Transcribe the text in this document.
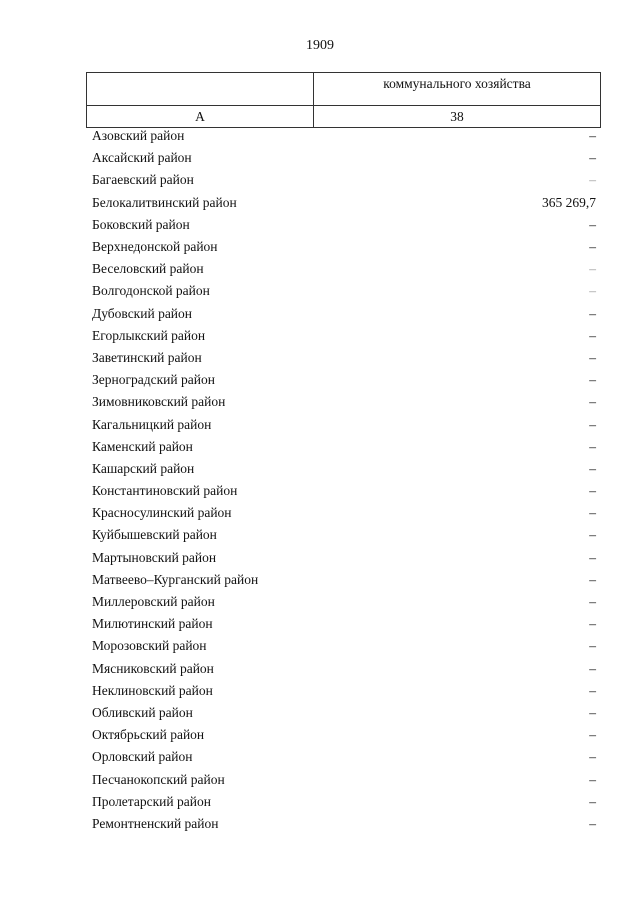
1909
	коммунального хозяйства
А	38
Азовский район	–
Аксайский район	–
Багаевский район	–
Белокалитвинский район	365 269,7
Боковский район	–
Верхнедонской район	–
Веселовский район	–
Волгодонской район	–
Дубовский район	–
Егорлыкский район	–
Заветинский район	–
Зерноградский район	–
Зимовниковский район	–
Кагальницкий район	–
Каменский район	–
Кашарский район	–
Константиновский район	–
Красносулинский район	–
Куйбышевский район	–
Мартыновский район	–
Матвеево–Курганский район	–
Миллеровский район	–
Милютинский район	–
Морозовский район	–
Мясниковский район	–
Неклиновский район	–
Обливский район	–
Октябрьский район	–
Орловский район	–
Песчанокопский район	–
Пролетарский район	–
Ремонтненский район	–
